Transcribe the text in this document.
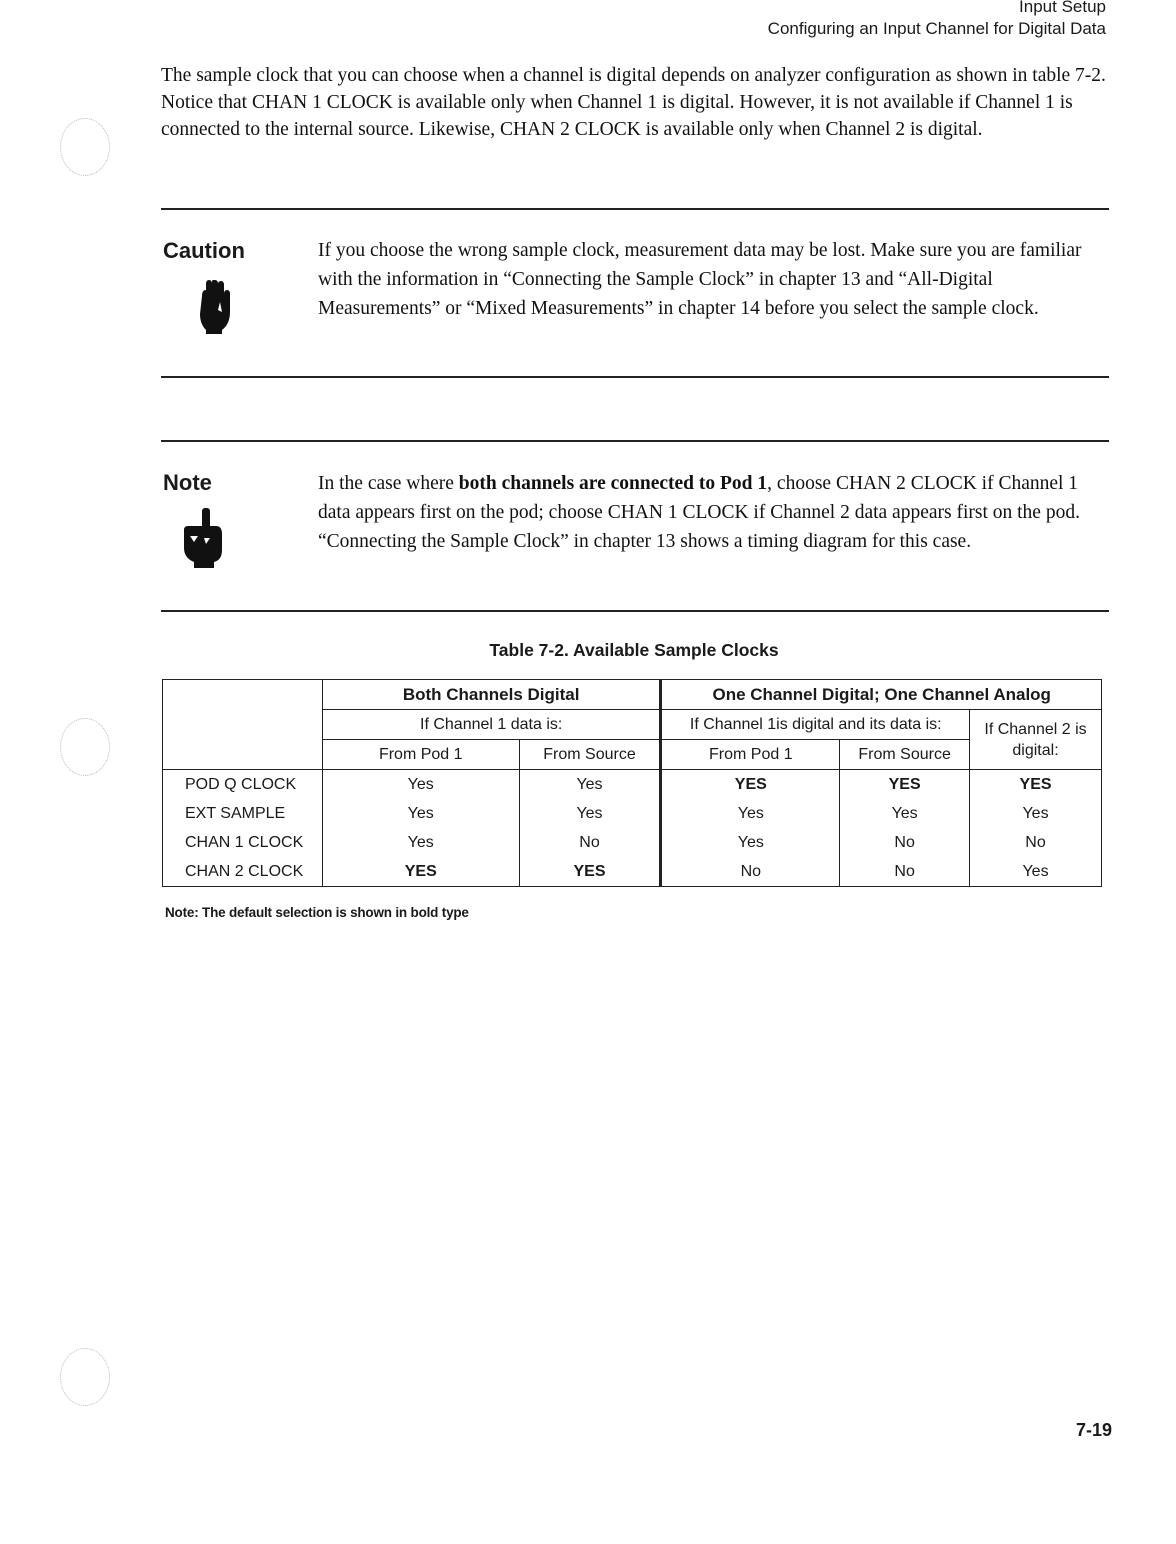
Input Setup
Configuring an Input Channel for Digital Data

The sample clock that you can choose when a channel is digital depends on analyzer configuration as shown in table 7-2. Notice that CHAN 1 CLOCK is available only when Channel 1 is digital. However, it is not available if Channel 1 is connected to the internal source. Likewise, CHAN 2 CLOCK is available only when Channel 2 is digital.

Caution	If you choose the wrong sample clock, measurement data may be lost. Make sure you are familiar with the information in “Connecting the Sample Clock” in chapter 13 and “All-Digital Measurements” or “Mixed Measurements” in chapter 14 before you select the sample clock.

Note	In the case where both channels are connected to Pod 1, choose CHAN 2 CLOCK if Channel 1 data appears first on the pod; choose CHAN 1 CLOCK if Channel 2 data appears first on the pod. “Connecting the Sample Clock” in chapter 13 shows a timing diagram for this case.

Table 7-2. Available Sample Clocks
	Both Channels Digital		One Channel Digital; One Channel Analog		
	If Channel 1 data is:		If Channel 1is digital and its data is:		If Channel 2 is digital:
	From Pod 1	From Source	From Pod 1	From Source	
POD Q CLOCK	Yes	Yes	YES	YES	YES
EXT SAMPLE	Yes	Yes	Yes	Yes	Yes
CHAN 1 CLOCK	Yes	No	Yes	No	No
CHAN 2 CLOCK	YES	YES	No	No	Yes
Note: The default selection is shown in bold type
7-19
